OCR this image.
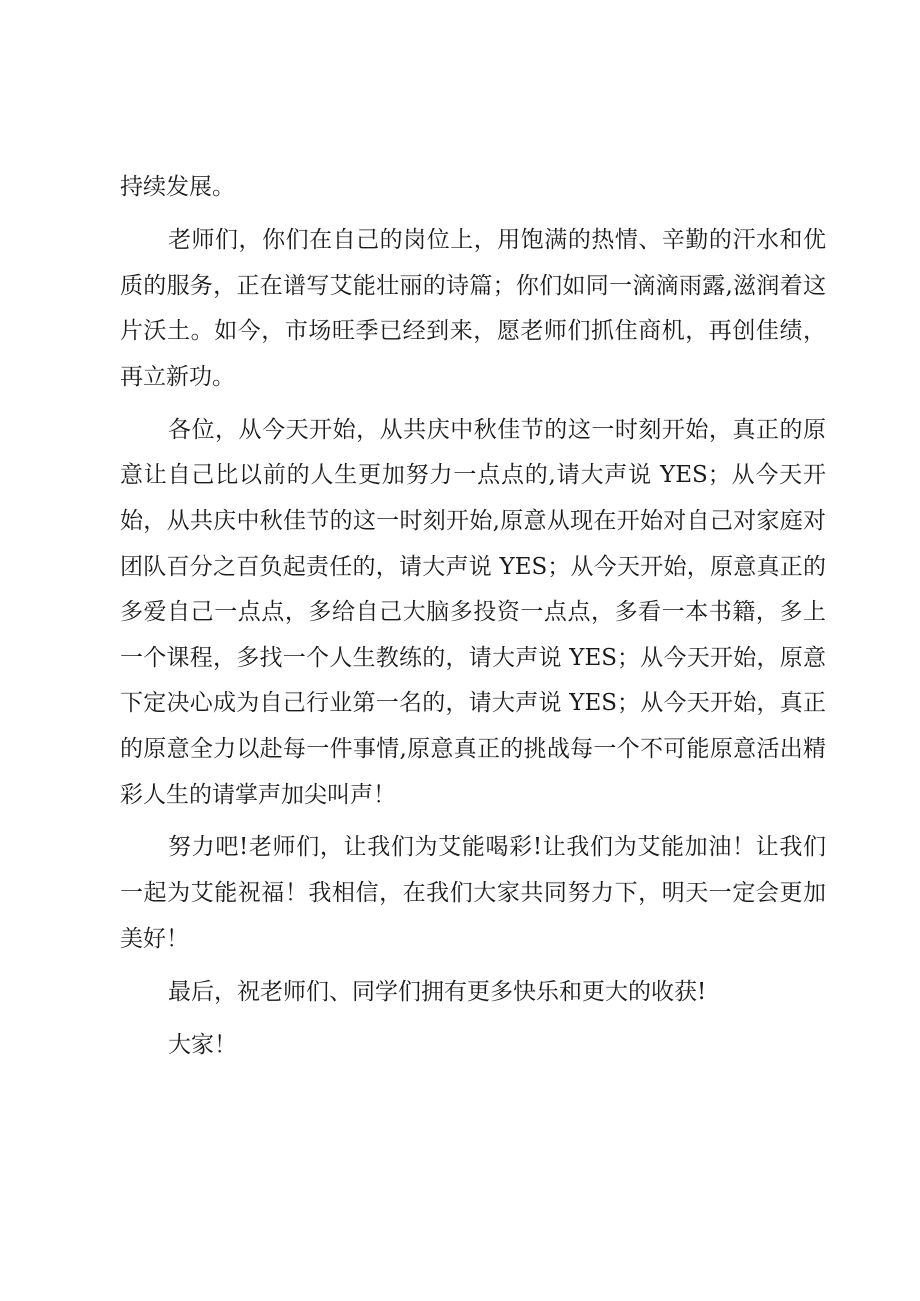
持续发展。

老师们，你们在自己的岗位上，用饱满的热情、辛勤的汗水和优质的服务，正在谱写艾能壮丽的诗篇；你们如同一滴滴雨露,滋润着这片沃土。如今，市场旺季已经到来，愿老师们抓住商机，再创佳绩，再立新功。

各位，从今天开始，从共庆中秋佳节的这一时刻开始，真正的原意让自己比以前的人生更加努力一点点的,请大声说 YES；从今天开始，从共庆中秋佳节的这一时刻开始,原意从现在开始对自己对家庭对团队百分之百负起责任的，请大声说 YES；从今天开始，原意真正的多爱自己一点点，多给自己大脑多投资一点点，多看一本书籍，多上一个课程，多找一个人生教练的，请大声说 YES；从今天开始，原意下定决心成为自己行业第一名的，请大声说 YES；从今天开始，真正的原意全力以赴每一件事情,原意真正的挑战每一个不可能原意活出精彩人生的请掌声加尖叫声！

努力吧!老师们，让我们为艾能喝彩!让我们为艾能加油！让我们一起为艾能祝福！我相信，在我们大家共同努力下，明天一定会更加美好！

最后，祝老师们、同学们拥有更多快乐和更大的收获!

大家！
